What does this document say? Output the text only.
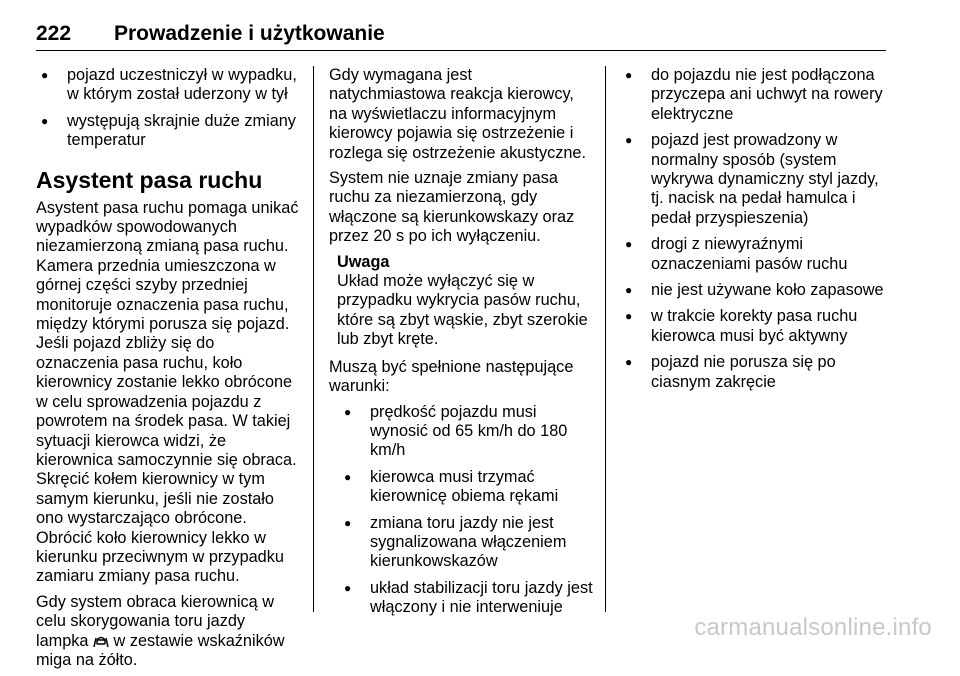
222 Prowadzenie i użytkowanie
● pojazd uczestniczył w wypadku, w którym został uderzony w tył
● występują skrajnie duże zmiany temperatur
Asystent pasa ruchu

Asystent pasa ruchu pomaga unikać wypadków spowodowanych niezamierzoną zmianą pasa ruchu. Kamera przednia umieszczona w górnej części szyby przedniej monitoruje oznaczenia pasa ruchu, między którymi porusza się pojazd. Jeśli pojazd zbliży się do oznaczenia pasa ruchu, koło kierownicy zostanie lekko obrócone w celu sprowadzenia pojazdu z powrotem na środek pasa. W takiej sytuacji kierowca widzi, że kierownica samoczynnie się obraca. Skręcić kołem kierownicy w tym samym kierunku, jeśli nie zostało ono wystarczająco obrócone. Obrócić koło kierownicy lekko w kierunku przeciwnym w przypadku zamiaru zmiany pasa ruchu.

Gdy system obraca kierownicą w celu skorygowania toru jazdy lampka  w zestawie wskaźników miga na żółto.

Gdy wymagana jest natychmiastowa reakcja kierowcy, na wyświetlaczu informacyjnym kierowcy pojawia się ostrzeżenie i rozlega się ostrzeżenie akustyczne.

System nie uznaje zmiany pasa ruchu za niezamierzoną, gdy włączone są kierunkowskazy oraz przez 20 s po ich wyłączeniu.

Uwaga
Układ może wyłączyć się w przypadku wykrycia pasów ruchu, które są zbyt wąskie, zbyt szerokie lub zbyt kręte.

Muszą być spełnione następujące warunki:

● prędkość pojazdu musi wynosić od 65 km/h do 180 km/h
● kierowca musi trzymać kierownicę obiema rękami
● zmiana toru jazdy nie jest sygnalizowana włączeniem kierunkowskazów
● układ stabilizacji toru jazdy jest włączony i nie interweniuje
● do pojazdu nie jest podłączona przyczepa ani uchwyt na rowery elektryczne
● pojazd jest prowadzony w normalny sposób (system wykrywa dynamiczny styl jazdy, tj. nacisk na pedał hamulca i pedał przyspieszenia)
● drogi z niewyraźnymi oznaczeniami pasów ruchu
● nie jest używane koło zapasowe
● w trakcie korekty pasa ruchu kierowca musi być aktywny
● pojazd nie porusza się po ciasnym zakręcie
carmanualsonline.info
